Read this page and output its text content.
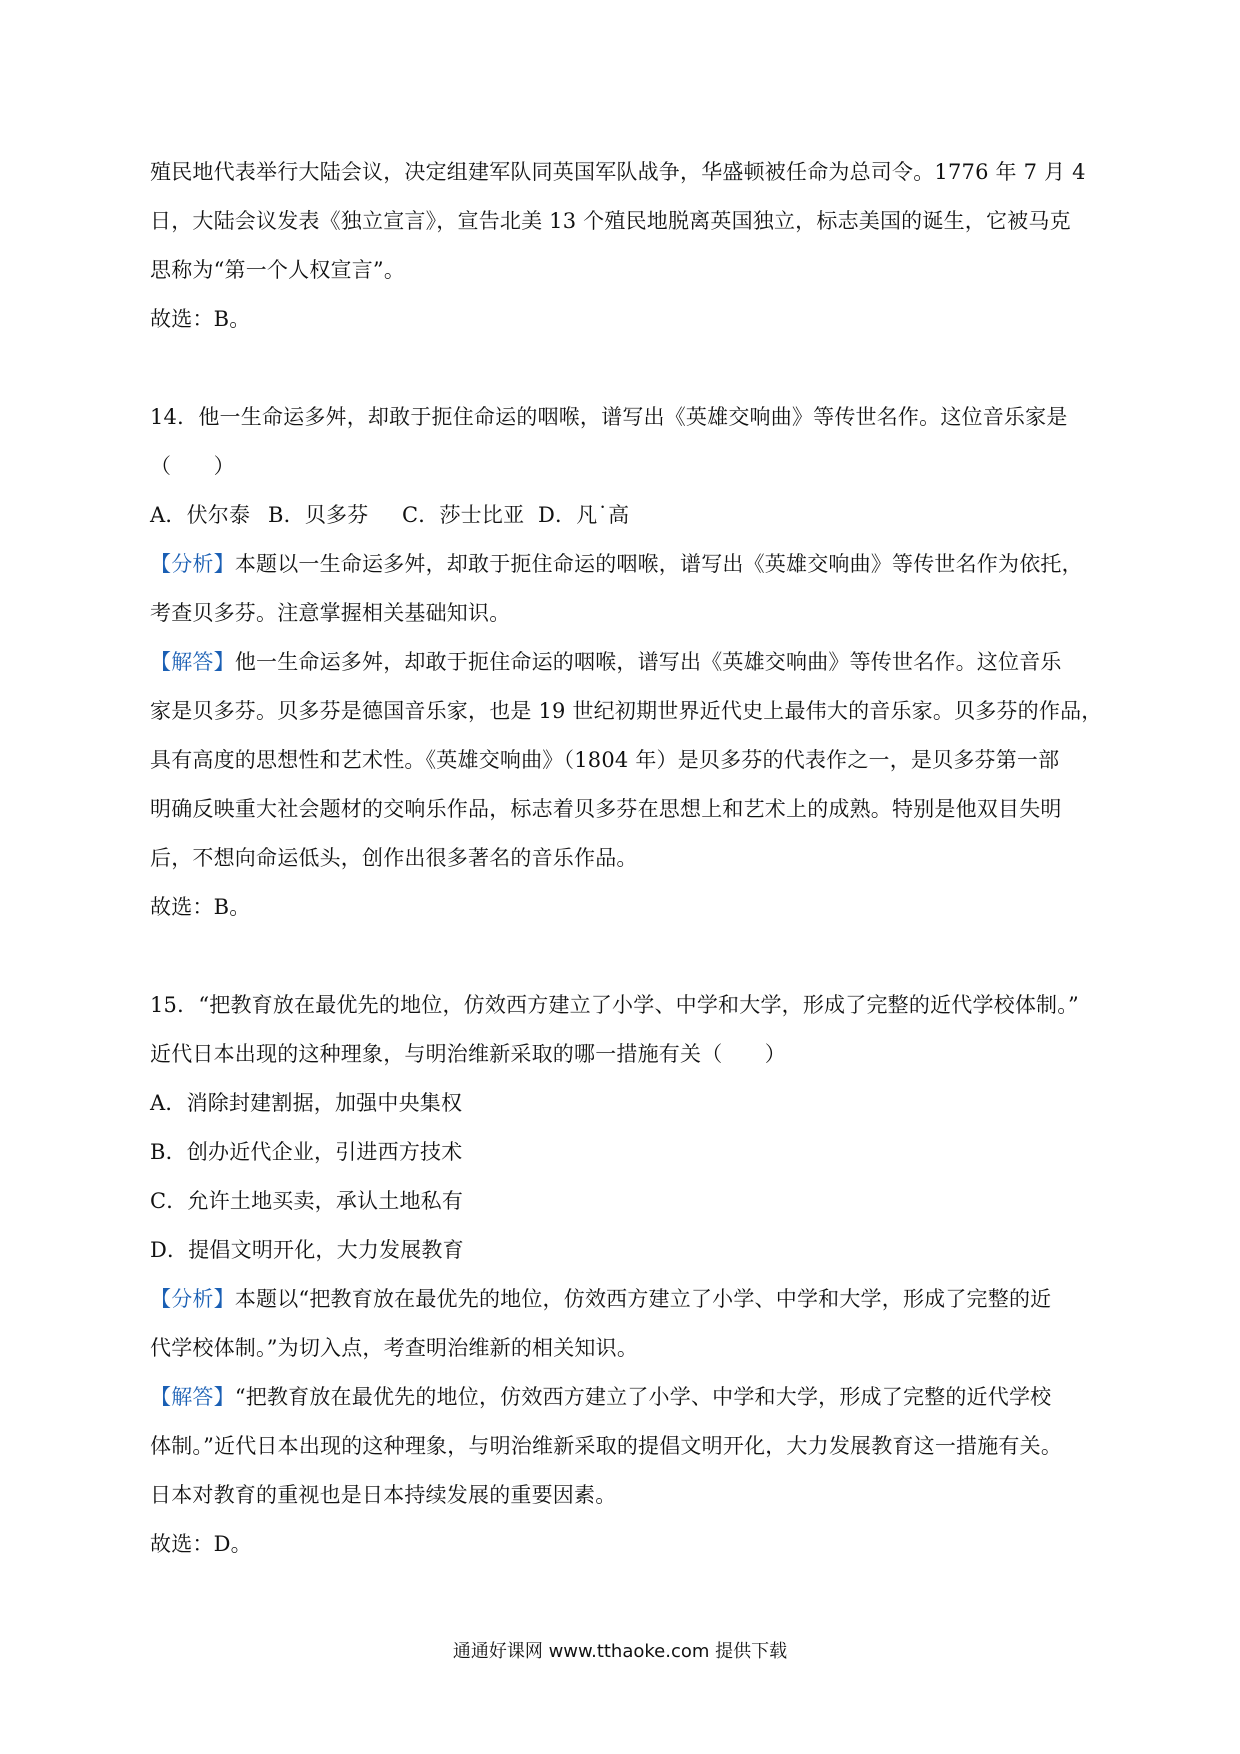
殖民地代表举行大陆会议，决定组建军队同英国军队战争，华盛顿被任命为总司令。1776 年 7 月 4
日，大陆会议发表《独立宣言》，宣告北美 13 个殖民地脱离英国独立，标志美国的诞生，它被马克
思称为“第一个人权宣言”。
故选：B。
14．他一生命运多舛，却敢于扼住命运的咽喉，谱写出《英雄交响曲》等传世名作。这位音乐家是
（　　）
A．伏尔泰 B．贝多芬 C．莎士比亚 D．凡˙高
【分析】本题以一生命运多舛，却敢于扼住命运的咽喉，谱写出《英雄交响曲》等传世名作为依托，
考查贝多芬。注意掌握相关基础知识。
【解答】他一生命运多舛，却敢于扼住命运的咽喉，谱写出《英雄交响曲》等传世名作。这位音乐
家是贝多芬。贝多芬是德国音乐家，也是 19 世纪初期世界近代史上最伟大的音乐家。贝多芬的作品，
具有高度的思想性和艺术性。《英雄交响曲》（1804 年）是贝多芬的代表作之一，是贝多芬第一部
明确反映重大社会题材的交响乐作品，标志着贝多芬在思想上和艺术上的成熟。特别是他双目失明
后，不想向命运低头，创作出很多著名的音乐作品。
故选：B。
15．“把教育放在最优先的地位，仿效西方建立了小学、中学和大学，形成了完整的近代学校体制。”
近代日本出现的这种理象，与明治维新采取的哪一措施有关（　　）
A．消除封建割据，加强中央集权
B．创办近代企业，引进西方技术
C．允许土地买卖，承认土地私有
D．提倡文明开化，大力发展教育
【分析】本题以“把教育放在最优先的地位，仿效西方建立了小学、中学和大学，形成了完整的近
代学校体制。”为切入点，考查明治维新的相关知识。
【解答】“把教育放在最优先的地位，仿效西方建立了小学、中学和大学，形成了完整的近代学校
体制。”近代日本出现的这种理象，与明治维新采取的提倡文明开化，大力发展教育这一措施有关。
日本对教育的重视也是日本持续发展的重要因素。
故选：D。
通通好课网 www.tthaoke.com 提供下载
